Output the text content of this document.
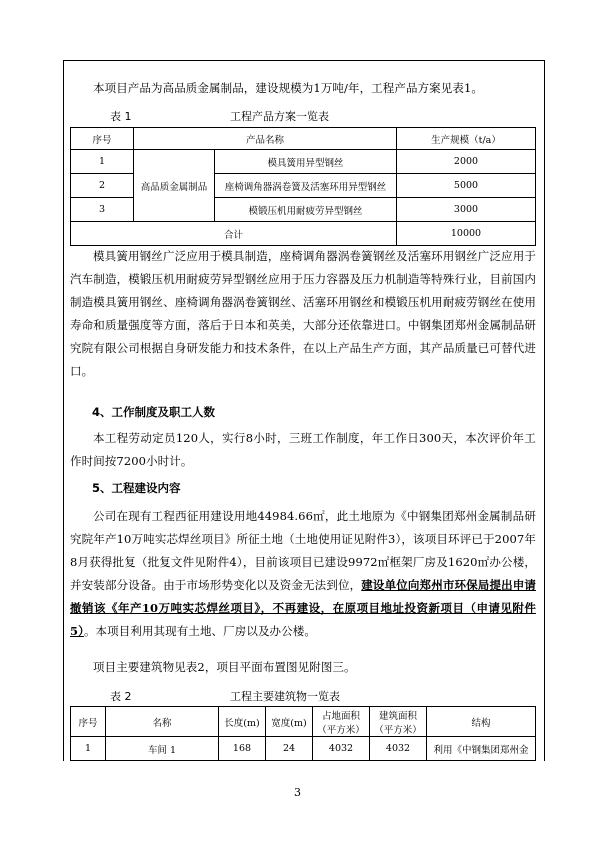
本项目产品为高品质金属制品，建设规模为1万吨/年，工程产品方案见表1。
表 1	工程产品方案一览表
序号	产品名称		生产规模（t/a）
1	高品质金属制品	模具簧用异型钢丝	2000
2		座椅调角器涡卷簧及活塞环用异型钢丝	5000
3		模锻压机用耐疲劳异型钢丝	3000
合计			10000
模具簧用钢丝广泛应用于模具制造，座椅调角器涡卷簧钢丝及活塞环用钢丝广泛应用于汽车制造，模锻压机用耐疲劳异型钢丝应用于压力容器及压力机制造等特殊行业，目前国内制造模具簧用钢丝、座椅调角器涡卷簧钢丝、活塞环用钢丝和模锻压机用耐疲劳钢丝在使用寿命和质量强度等方面，落后于日本和英美，大部分还依靠进口。中钢集团郑州金属制品研究院有限公司根据自身研发能力和技术条件，在以上产品生产方面，其产品质量已可替代进口。
4、工作制度及职工人数
本工程劳动定员120人，实行8小时，三班工作制度，年工作日300天，本次评价年工作时间按7200小时计。
5、工程建设内容
公司在现有工程西征用建设用地44984.66㎡，此土地原为《中钢集团郑州金属制品研究院年产10万吨实芯焊丝项目》所征土地（土地使用证见附件3），该项目环评已于2007年8月获得批复（批复文件见附件4），目前该项目已建设9972㎡框架厂房及1620㎡办公楼，并安装部分设备。由于市场形势变化以及资金无法到位，建设单位向郑州市环保局提出申请撤销该《年产10万吨实芯焊丝项目》，不再建设，在原项目地址投资新项目（申请见附件5）。本项目利用其现有土地、厂房以及办公楼。
项目主要建筑物见表2，项目平面布置图见附图三。
表 2	工程主要建筑物一览表
序号	名称	长度(m)	宽度(m)	占地面积（平方米）	建筑面积（平方米）	结构
1	车间 1	168	24	4032	4032	利用《中钢集团郑州金
3
